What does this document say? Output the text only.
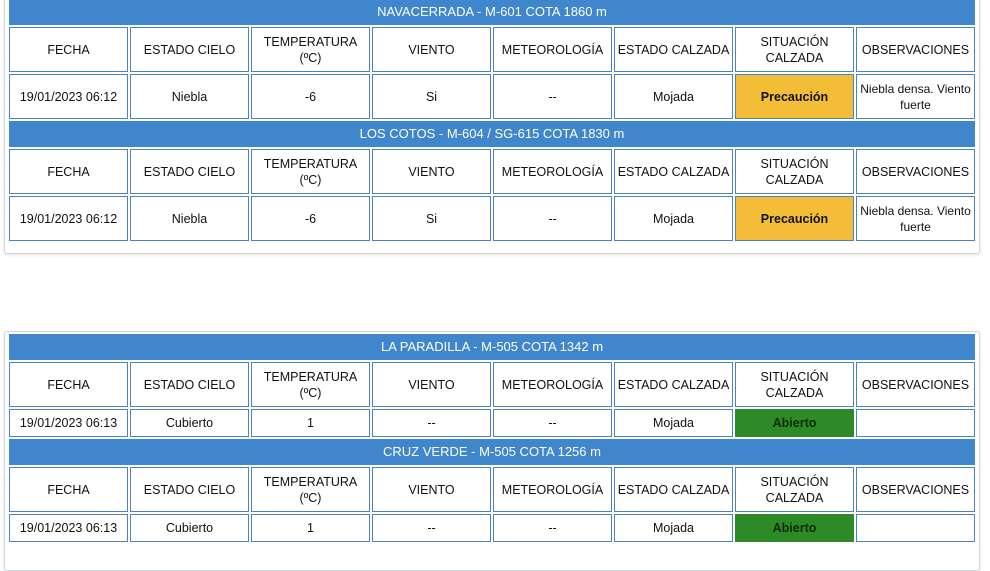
NAVACERRADA - M-601 COTA 1860 m							
FECHA	ESTADO CIELO	TEMPERATURA (ºC)	VIENTO	METEOROLOGÍA	ESTADO CALZADA	SITUACIÓN CALZADA	OBSERVACIONES
19/01/2023 06:12	Niebla	-6	Si	--	Mojada	Precaución	Niebla densa. Viento fuerte
LOS COTOS - M-604 / SG-615 COTA 1830 m							
FECHA	ESTADO CIELO	TEMPERATURA (ºC)	VIENTO	METEOROLOGÍA	ESTADO CALZADA	SITUACIÓN CALZADA	OBSERVACIONES
19/01/2023 06:12	Niebla	-6	Si	--	Mojada	Precaución	Niebla densa. Viento fuerte
LA PARADILLA - M-505 COTA 1342 m							
FECHA	ESTADO CIELO	TEMPERATURA (ºC)	VIENTO	METEOROLOGÍA	ESTADO CALZADA	SITUACIÓN CALZADA	OBSERVACIONES
19/01/2023 06:13	Cubierto	1	--	--	Mojada	Abierto	
CRUZ VERDE - M-505 COTA 1256 m							
FECHA	ESTADO CIELO	TEMPERATURA (ºC)	VIENTO	METEOROLOGÍA	ESTADO CALZADA	SITUACIÓN CALZADA	OBSERVACIONES
19/01/2023 06:13	Cubierto	1	--	--	Mojada	Abierto	
